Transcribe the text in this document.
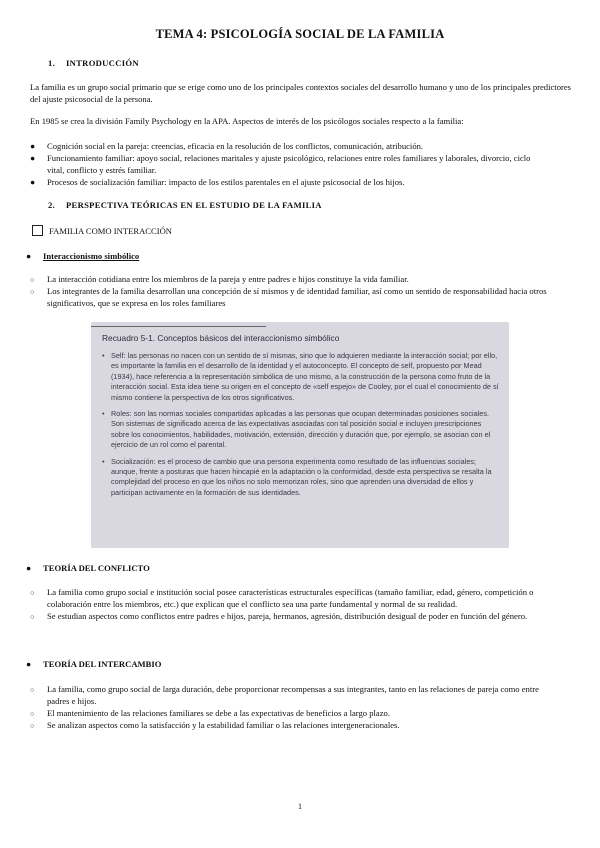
TEMA 4: PSICOLOGÍA SOCIAL DE LA FAMILIA
1. INTRODUCCIÓN

La familia es un grupo social primario que se erige como uno de los principales contextos sociales del desarrollo humano y uno de los principales predictores del ajuste psicosocial de la persona.

En 1985 se crea la división Family Psychology en la APA. Aspectos de interés de los psicólogos sociales respecto a la familia:

● Cognición social en la pareja: creencias, eficacia en la resolución de los conflictos, comunicación, atribución.
● Funcionamiento familiar: apoyo social, relaciones maritales y ajuste psicológico, relaciones entre roles familiares y laborales, divorcio, ciclo vital, conflicto y estrés familiar.
● Procesos de socialización familiar: impacto de los estilos parentales en el ajuste psicosocial de los hijos.
2. PERSPECTIVA TEÓRICAS EN EL ESTUDIO DE LA FAMILIA
FAMILIA COMO INTERACCIÓN
● Interaccionismo simbólico
○ La interacción cotidiana entre los miembros de la pareja y entre padres e hijos constituye la vida familiar.
○ Los integrantes de la familia desarrollan una concepción de sí mismos y de identidad familiar, así como un sentido de responsabilidad hacia otros significativos, que se expresa en los roles familiares
Recuadro 5-1. Conceptos básicos del interaccionismo simbólico
• Self: las personas no nacen con un sentido de sí mismas, sino que lo adquieren mediante la interacción social; por ello, es importante la familia en el desarrollo de la identidad y el autoconcepto. El concepto de self, propuesto por Mead (1934), hace referencia a la representación simbólica de uno mismo, a la construcción de la persona como fruto de la interacción social. Esta idea tiene su origen en el concepto de «self espejo» de Cooley, por el cual el conocimiento de sí mismo contiene la perspectiva de los otros significativos.
• Roles: son las normas sociales compartidas aplicadas a las personas que ocupan determinadas posiciones sociales. Son sistemas de significado acerca de las expectativas asociadas con tal posición social e incluyen prescripciones sobre los conocimientos, habilidades, motivación, extensión, dirección y duración que, por ejemplo, se asocian con el ejercicio de un rol como el parental.
• Socialización: es el proceso de cambio que una persona experimenta como resultado de las influencias sociales; aunque, frente a posturas que hacen hincapié en la adaptación o la conformidad, desde esta perspectiva se resalta la complejidad del proceso en que los niños no solo memorizan roles, sino que aprenden una diversidad de ellos y participan activamente en la formación de sus identidades.
● TEORÍA DEL CONFLICTO
○ La familia como grupo social e institución social posee características estructurales específicas (tamaño familiar, edad, género, competición o colaboración entre los miembros, etc.) que explican que el conflicto sea una parte fundamental y normal de su realidad.
○ Se estudian aspectos como conflictos entre padres e hijos, pareja, hermanos, agresión, distribución desigual de poder en función del género.
● TEORÍA DEL INTERCAMBIO
○ La familia, como grupo social de larga duración, debe proporcionar recompensas a sus integrantes, tanto en las relaciones de pareja como entre padres e hijos.
○ El mantenimiento de las relaciones familiares se debe a las expectativas de beneficios a largo plazo.
○ Se analizan aspectos como la satisfacción y la estabilidad familiar o las relaciones intergeneracionales.
1
